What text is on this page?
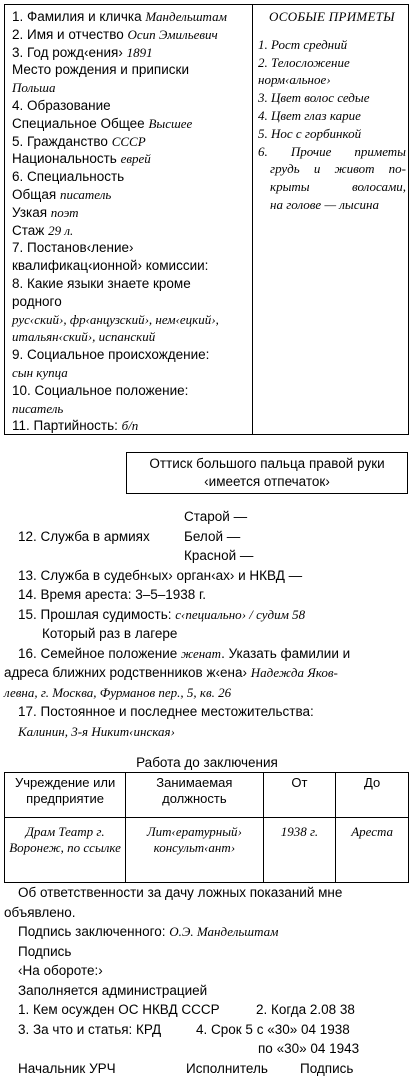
1. Фамилия и кличка Мандельштам
2. Имя и отчество Осип Эмильевич
3. Год рожд‹ения› 1891
Место рождения и приписки
Польша
4. Образование
Специальное Общее Высшее
5. Гражданство СССР
Национальность еврей
6. Специальность
Общая писатель
Узкая поэт
Стаж 29 л.
7. Постанов‹ление›
квалификац‹ионной› комиссии:
8. Какие языки знаете кроме
родного
рус‹ский›, фр‹анцузский›, нем‹ецкий›,
итальян‹ский›, испанский
9. Социальное происхождение:
сын купца
10. Социальное положение:
писатель
11. Партийность: б/п
ОСОБЫЕ ПРИМЕТЫ
1. Рост средний
2. Телосложение
норм‹альное›
3. Цвет волос седые
4. Цвет глаз карие
5. Нос с горбинкой
6. Прочие приметы
грудь и живот по-
крыты волосами,
на голове — лысина
Оттиск большого пальца правой руки
‹имеется отпечаток›
Старой —
12. Служба в армиях	Белой —
Красной —
13. Служба в судебн‹ых› орган‹ах› и НКВД —
14. Время ареста: 3–5–1938 г.
15. Прошлая судимость: с‹пециально› / судим 58
Который раз в лагере
16. Семейное положение женат. Указать фамилии и
адреса ближних родственников ж‹ена› Надежда Яков-
левна, г. Москва, Фурманов пер., 5, кв. 26
17. Постоянное и последнее местожительства:
Калинин, 3-я Никит‹инская›
Работа до заключения
Учреждение или предприятие	Занимаемая должность	От	До
Драм Театр г. Воронеж, по ссылке	Лит‹ературный› консульт‹ант›	1938 г.	Ареста
Об ответственности за дачу ложных показаний мне
объявлено.
Подпись заключенного: О.Э. Мандельштам
Подпись
‹На обороте:›
Заполняется администрацией
1. Кем осужден ОС НКВД СССР	2. Когда 2.08 38
3. За что и статья: КРД	4. Срок 5 с «30» 04 1938
по «30» 04 1943
Начальник УРЧ	Исполнитель Подпись
